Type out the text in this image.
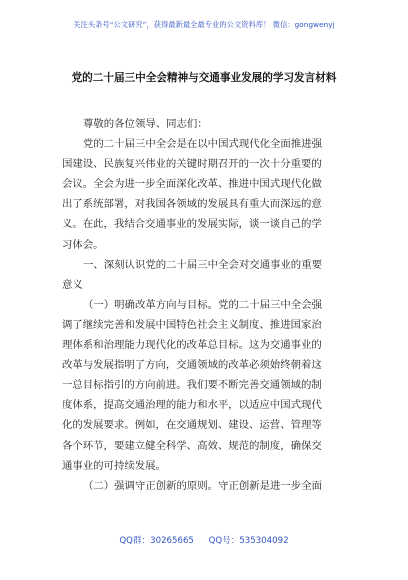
关注头条号“公文研究”，获得最新最全最专业的公文资料库！ 微信：gongwenyj
党的二十届三中全会精神与交通事业发展的学习发言材料
尊敬的各位领导、同志们：
党的二十届三中全会是在以中国式现代化全面推进强
国建设、民族复兴伟业的关键时期召开的一次十分重要的
会议。全会为进一步全面深化改革、推进中国式现代化做
出了系统部署，对我国各领域的发展具有重大而深远的意
义。在此，我结合交通事业的发展实际，谈一谈自己的学
习体会。
一、深刻认识党的二十届三中全会对交通事业的重要
意义
（一）明确改革方向与目标。党的二十届三中全会强
调了继续完善和发展中国特色社会主义制度、推进国家治
理体系和治理能力现代化的改革总目标。这为交通事业的
改革与发展指明了方向，交通领域的改革必须始终朝着这
一总目标指引的方向前进。我们要不断完善交通领域的制
度体系，提高交通治理的能力和水平，以适应中国式现代
化的发展要求。例如，在交通规划、建设、运营、管理等
各个环节，要建立健全科学、高效、规范的制度，确保交
通事业的可持续发展。
（二）强调守正创新的原则。守正创新是进一步全面
QQ群：30265665 QQ号：535304092
